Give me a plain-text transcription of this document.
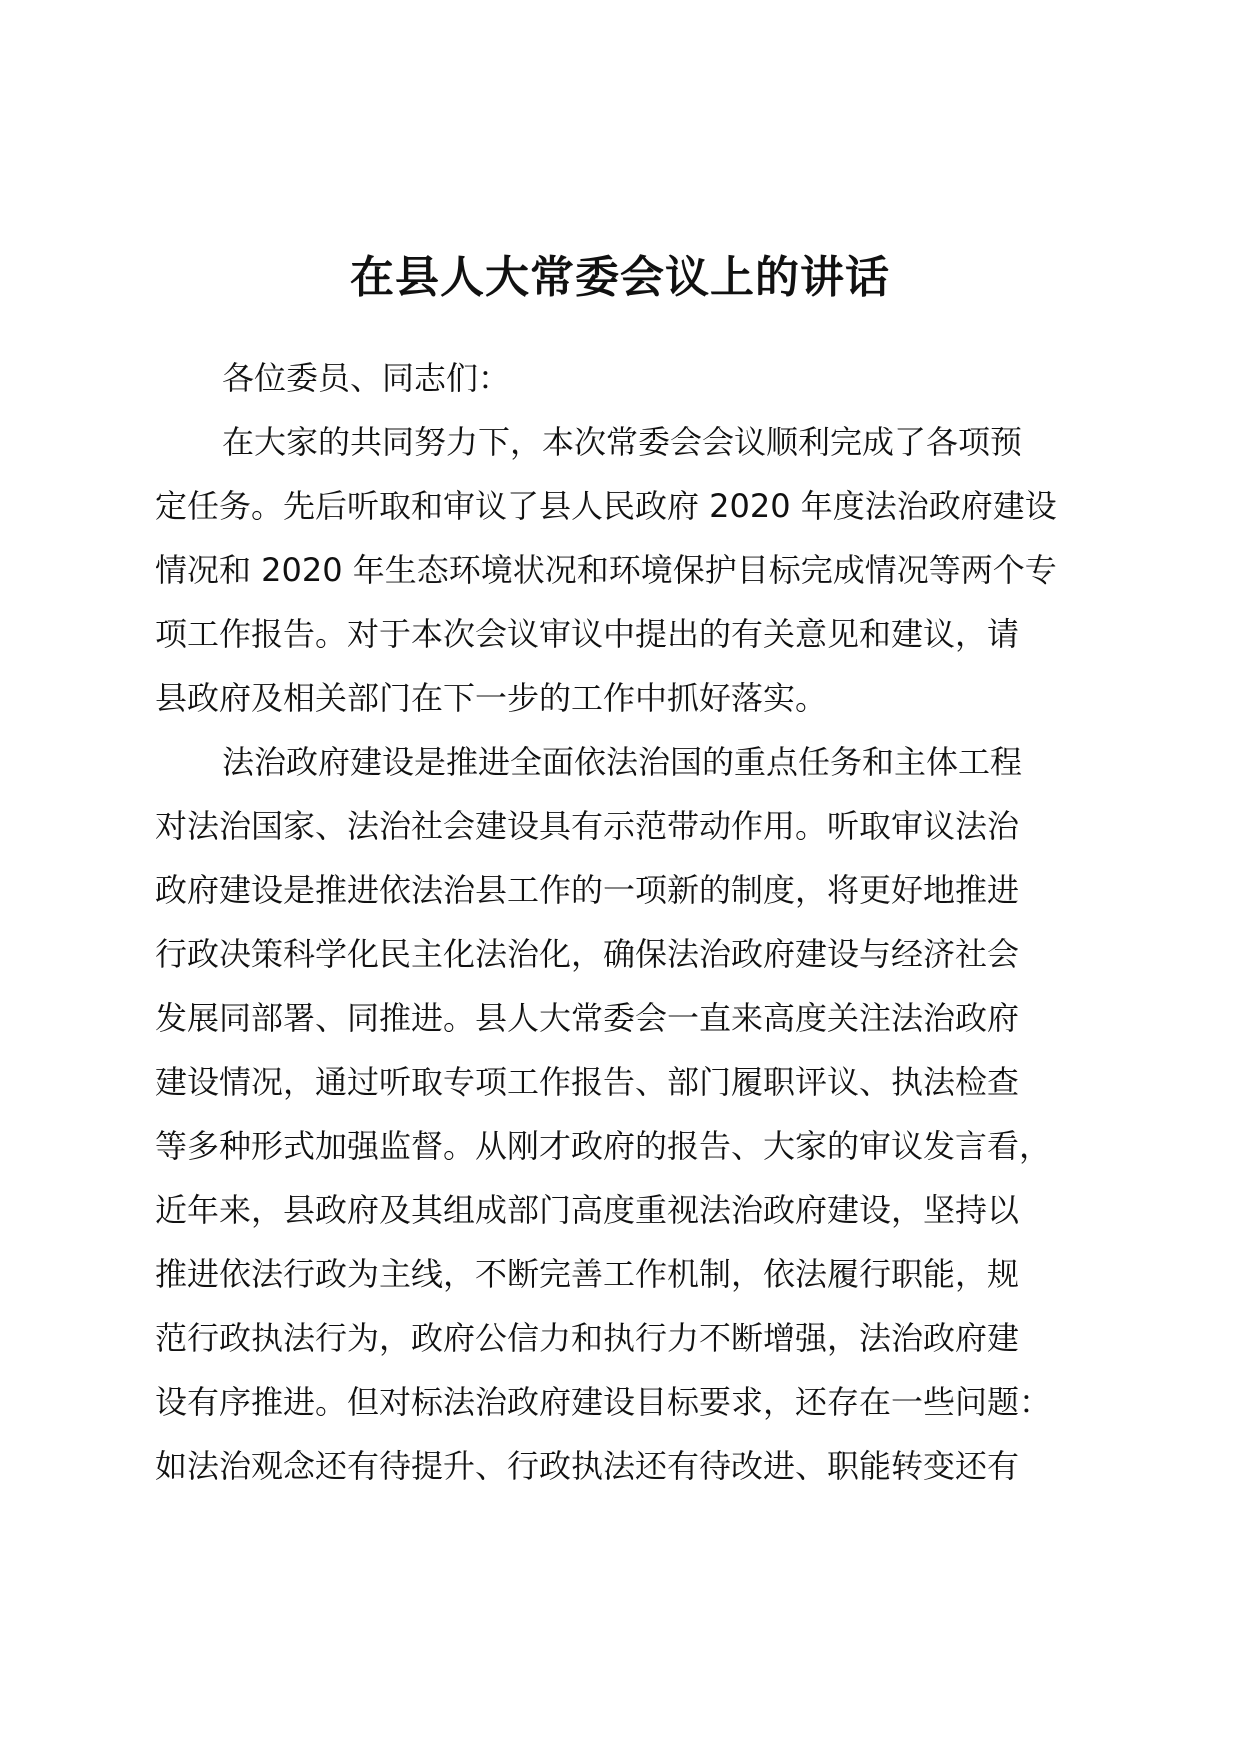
在县人大常委会议上的讲话

各位委员、同志们：

在大家的共同努力下，本次常委会会议顺利完成了各项预

定任务。先后听取和审议了县人民政府 2020 年度法治政府建设

情况和 2020 年生态环境状况和环境保护目标完成情况等两个专

项工作报告。对于本次会议审议中提出的有关意见和建议，请

县政府及相关部门在下一步的工作中抓好落实。

法治政府建设是推进全面依法治国的重点任务和主体工程

对法治国家、法治社会建设具有示范带动作用。听取审议法治

政府建设是推进依法治县工作的一项新的制度，将更好地推进

行政决策科学化民主化法治化，确保法治政府建设与经济社会

发展同部署、同推进。县人大常委会一直来高度关注法治政府

建设情况，通过听取专项工作报告、部门履职评议、执法检查

等多种形式加强监督。从刚才政府的报告、大家的审议发言看，

近年来，县政府及其组成部门高度重视法治政府建设，坚持以

推进依法行政为主线，不断完善工作机制，依法履行职能，规

范行政执法行为，政府公信力和执行力不断增强，法治政府建

设有序推进。但对标法治政府建设目标要求，还存在一些问题：

如法治观念还有待提升、行政执法还有待改进、职能转变还有
